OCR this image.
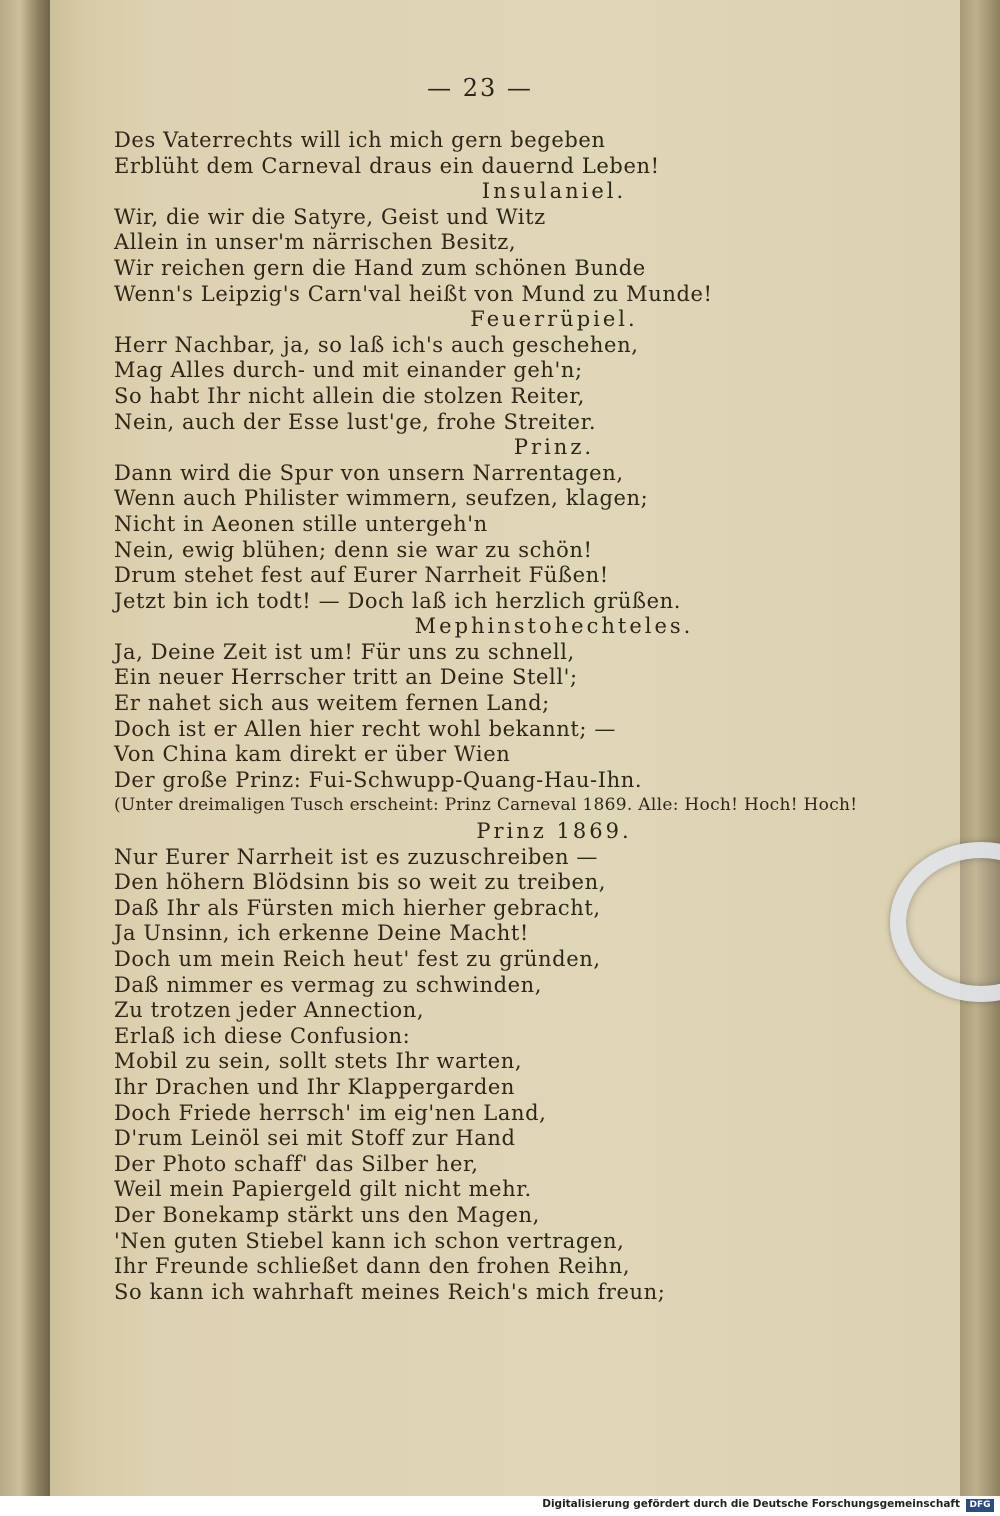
— 23 —
Des Vaterrechts will ich mich gern begeben
Erblüht dem Carneval draus ein dauernd Leben!
Insulaniel.
Wir, die wir die Satyre, Geist und Witz
Allein in unser'm närrischen Besitz,
Wir reichen gern die Hand zum schönen Bunde
Wenn's Leipzig's Carn'val heißt von Mund zu Munde!
Feuerrüpiel.
Herr Nachbar, ja, so laß ich's auch geschehen,
Mag Alles durch- und mit einander geh'n;
So habt Ihr nicht allein die stolzen Reiter,
Nein, auch der Esse lust'ge, frohe Streiter.
Prinz.
Dann wird die Spur von unsern Narrentagen,
Wenn auch Philister wimmern, seufzen, klagen;
Nicht in Aeonen stille untergeh'n
Nein, ewig blühen; denn sie war zu schön!
Drum stehet fest auf Eurer Narrheit Füßen!
Jetzt bin ich todt! — Doch laß ich herzlich grüßen.
Mephinstohechteles.
Ja, Deine Zeit ist um! Für uns zu schnell,
Ein neuer Herrscher tritt an Deine Stell';
Er nahet sich aus weitem fernen Land;
Doch ist er Allen hier recht wohl bekannt; —
Von China kam direkt er über Wien
Der große Prinz: Fui-Schwupp-Quang-Hau-Ihn.
(Unter dreimaligen Tusch erscheint: Prinz Carneval 1869. Alle: Hoch! Hoch! Hoch!
Prinz 1869.
Nur Eurer Narrheit ist es zuzuschreiben —
Den höhern Blödsinn bis so weit zu treiben,
Daß Ihr als Fürsten mich hierher gebracht,
Ja Unsinn, ich erkenne Deine Macht!
Doch um mein Reich heut' fest zu gründen,
Daß nimmer es vermag zu schwinden,
Zu trotzen jeder Annection,
Erlaß ich diese Confusion:
Mobil zu sein, sollt stets Ihr warten,
Ihr Drachen und Ihr Klappergarden
Doch Friede herrsch' im eig'nen Land,
D'rum Leinöl sei mit Stoff zur Hand
Der Photo schaff' das Silber her,
Weil mein Papiergeld gilt nicht mehr.
Der Bonekamp stärkt uns den Magen,
'Nen guten Stiebel kann ich schon vertragen,
Ihr Freunde schließet dann den frohen Reihn,
So kann ich wahrhaft meines Reich's mich freun;
Digitalisierung gefördert durch die Deutsche Forschungsgemeinschaft	DFG
